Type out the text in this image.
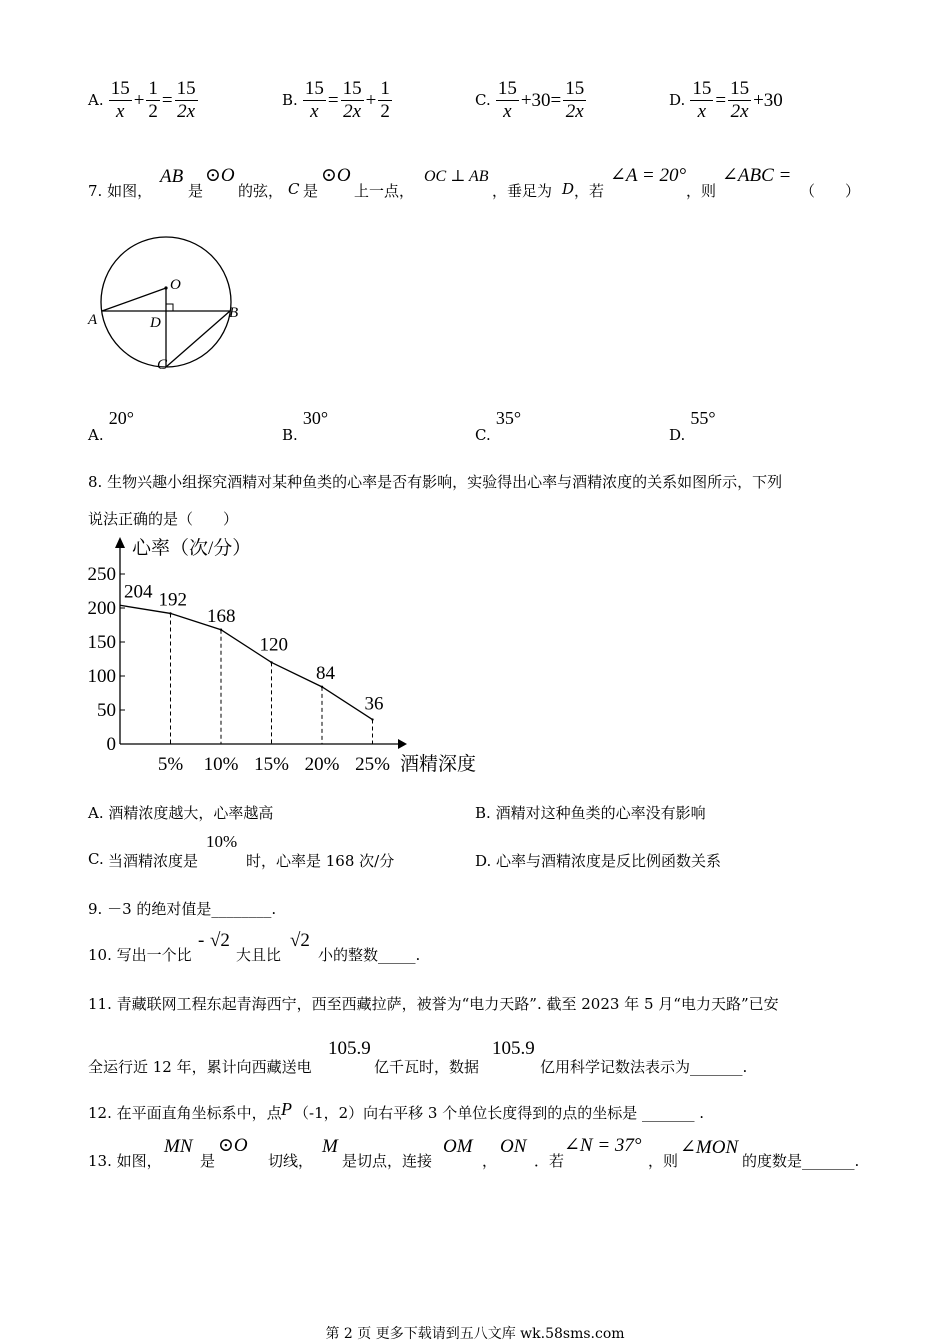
A. $\frac{15}{x} + \frac{1}{2} = \frac{15}{2x}$	B. $\frac{15}{x} = \frac{15}{2x} + \frac{1}{2}$	C. $\frac{15}{x} +30= \frac{15}{2x}$	D. $\frac{15}{x} = \frac{15}{2x} +30$
7. 如图，
AB
是
⊙O
的弦， C 是
⊙O
上一点，
OC ⊥ AB
，垂足为 D ，若
∠A = 20°
，则
∠ABC =
（　　）
O
A	B
C
D
A. 20°
B. 30°
C. 35°
D. 55°
8. 生物兴趣小组探究酒精对某种鱼类的心率是否有影响，实验得出心率与酒精浓度的关系如图所示，下列
说法正确的是（　　）
0
50
100
150
200
250
心率（次/分）
酒精深度
5% 10% 15% 20% 25%
204 192
168
120
84
36
A. 酒精浓度越大，心率越高	B. 酒精对这种鱼类的心率没有影响
C. 当酒精浓度是
10%
时，心率是 168 次/分	D. 心率与酒精浓度是反比例函数关系
9. －3 的绝对值是________.
10. 写出一个比
- √2
大且比
√2
小的整数_____.
11. 青藏联网工程东起青海西宁，西至西藏拉萨，被誉为“电力天路”. 截至 2023 年 5 月“电力天路”已安
全运行近 12 年，累计向西藏送电
105.9
亿千瓦时，数据
105.9
亿用科学记数法表示为_______.
12. 在平面直角坐标系中，点 P （-1，2）向右平移 3 个单位长度得到的点的坐标是 _______ .
13. 如图，
MN
是
⊙O
切线，
M
是切点，连接
OM
，
ON
．若
∠N = 37°
，则
∠MON
的度数是_______.
第 2 页 更多下载请到五八文库 wk.58sms.com
